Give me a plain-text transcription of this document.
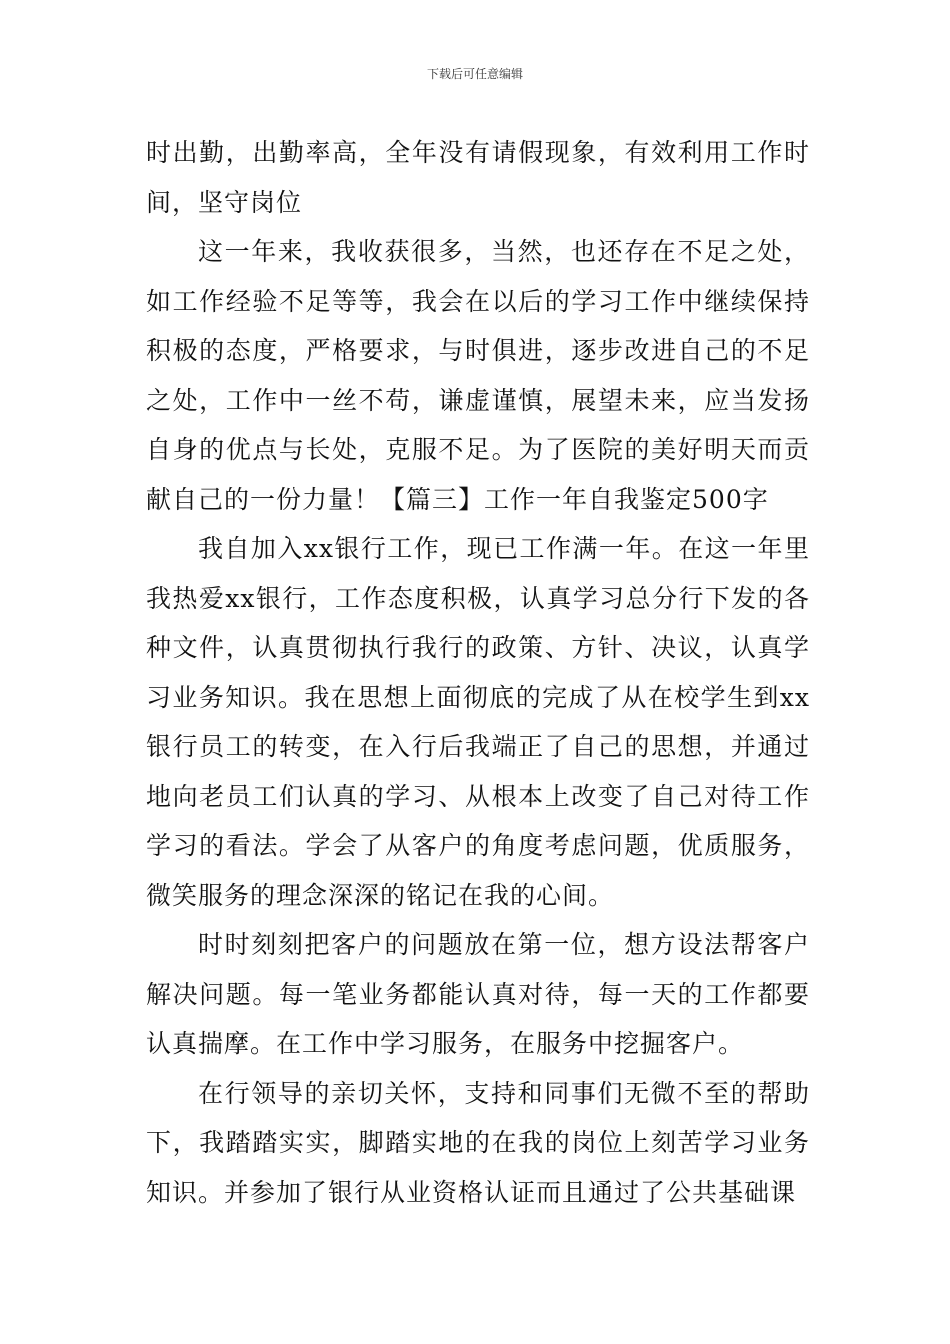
下载后可任意编辑

时出勤，出勤率高，全年没有请假现象，有效利用工作时间，坚守岗位

这一年来，我收获很多，当然，也还存在不足之处，如工作经验不足等等，我会在以后的学习工作中继续保持积极的态度，严格要求，与时俱进，逐步改进自己的不足之处，工作中一丝不苟，谦虚谨慎，展望未来，应当发扬自身的优点与长处，克服不足。为了医院的美好明天而贡献自己的一份力量！【篇三】工作一年自我鉴定500字

我自加入xx银行工作，现已工作满一年。在这一年里我热爱xx银行，工作态度积极，认真学习总分行下发的各种文件，认真贯彻执行我行的政策、方针、决议，认真学习业务知识。我在思想上面彻底的完成了从在校学生到xx银行员工的转变，在入行后我端正了自己的思想，并通过地向老员工们认真的学习、从根本上改变了自己对待工作学习的看法。学会了从客户的角度考虑问题，优质服务，微笑服务的理念深深的铭记在我的心间。

时时刻刻把客户的问题放在第一位，想方设法帮客户解决问题。每一笔业务都能认真对待，每一天的工作都要认真揣摩。在工作中学习服务，在服务中挖掘客户。

在行领导的亲切关怀，支持和同事们无微不至的帮助下，我踏踏实实，脚踏实地的在我的岗位上刻苦学习业务知识。并参加了银行从业资格认证而且通过了公共基础课
